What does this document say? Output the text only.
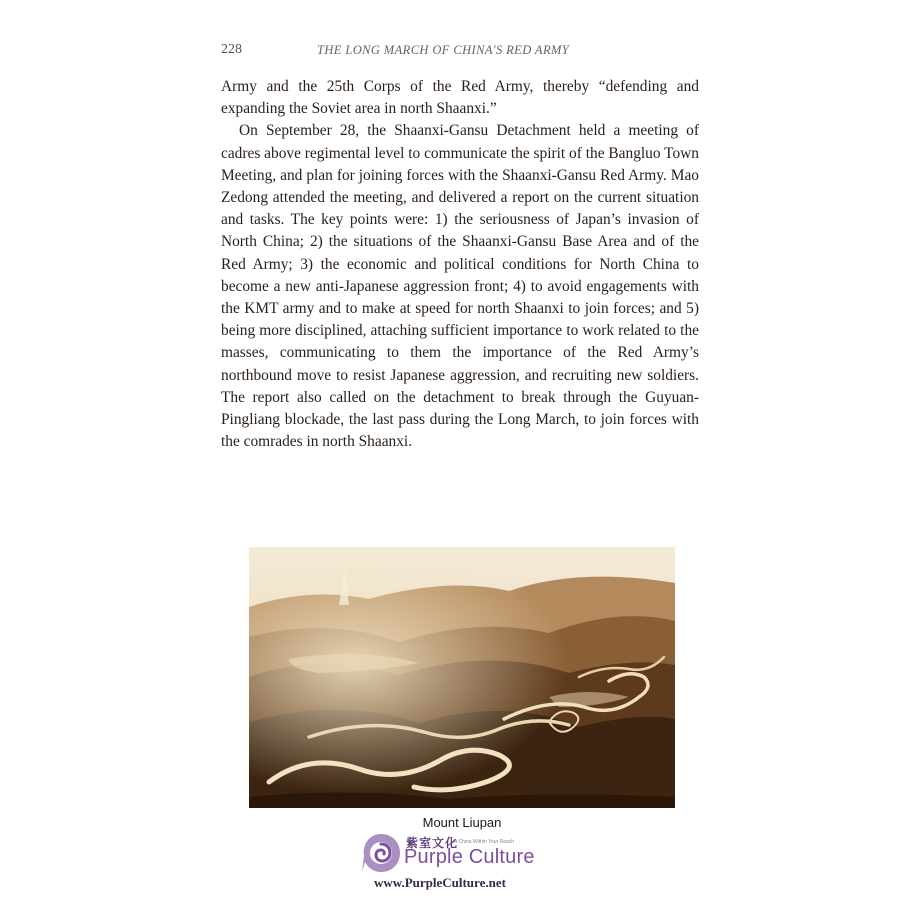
228	THE LONG MARCH OF CHINA'S RED ARMY

Army and the 25th Corps of the Red Army, thereby “defending and expanding the Soviet area in north Shaanxi.”

On September 28, the Shaanxi-Gansu Detachment held a meeting of cadres above regimental level to communicate the spirit of the Bangluo Town Meeting, and plan for joining forces with the Shaanxi-Gansu Red Army. Mao Zedong attended the meeting, and delivered a report on the current situation and tasks. The key points were: 1) the seriousness of Japan’s invasion of North China; 2) the situations of the Shaanxi-Gansu Base Area and of the Red Army; 3) the economic and political conditions for North China to become a new anti-Japanese aggression front; 4) to avoid engagements with the KMT army and to make at speed for north Shaanxi to join forces; and 5) being more disciplined, attaching sufficient importance to work related to the masses, communicating to them the importance of the Red Army’s northbound move to resist Japanese aggression, and recruiting new soldiers. The report also called on the detachment to break through the Guyuan-Pingliang blockade, the last pass during the Long March, to join forces with the comrades in north Shaanxi.

Mount Liupan
紫室文化
A China Within Your Reach
Purple Culture
www.PurpleCulture.net
